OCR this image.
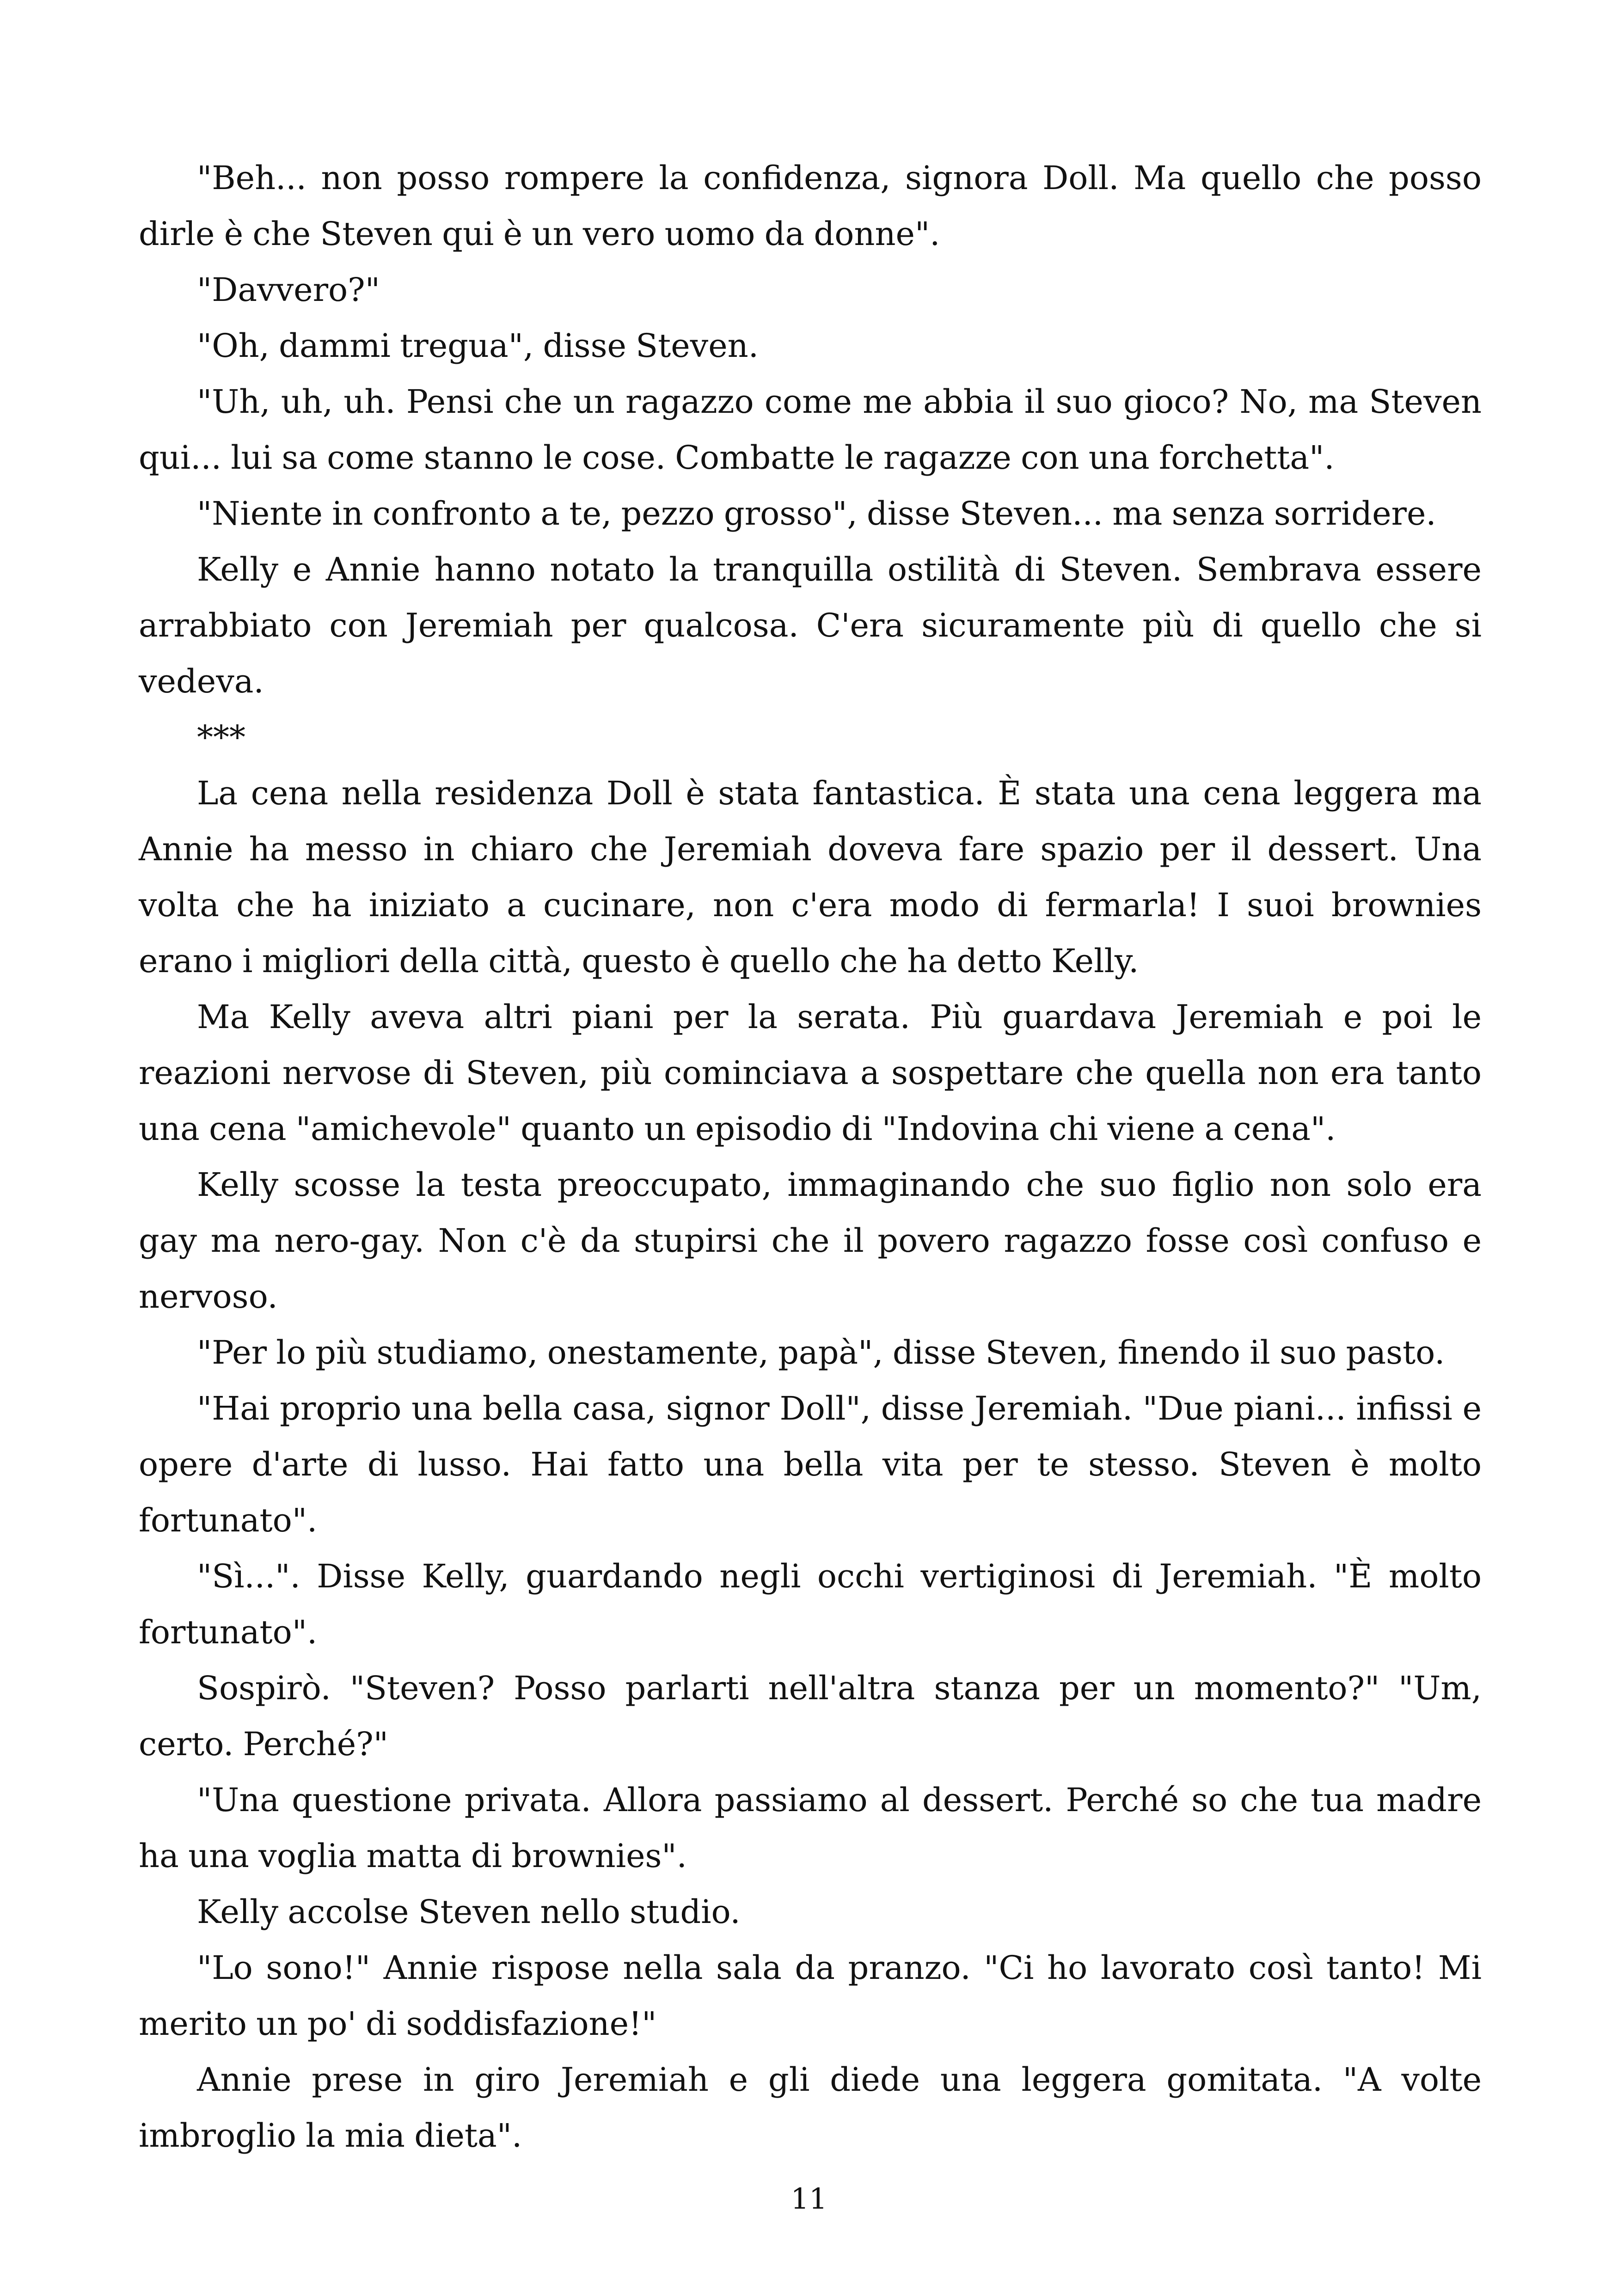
"Beh... non posso rompere la confidenza, signora Doll. Ma quello che posso dirle è che Steven qui è un vero uomo da donne".

"Davvero?"

"Oh, dammi tregua", disse Steven.

"Uh, uh, uh. Pensi che un ragazzo come me abbia il suo gioco? No, ma Steven qui... lui sa come stanno le cose. Combatte le ragazze con una forchetta".

"Niente in confronto a te, pezzo grosso", disse Steven... ma senza sorridere.

Kelly e Annie hanno notato la tranquilla ostilità di Steven. Sembrava essere arrabbiato con Jeremiah per qualcosa. C'era sicuramente più di quello che si vedeva.

***

La cena nella residenza Doll è stata fantastica. È stata una cena leggera ma Annie ha messo in chiaro che Jeremiah doveva fare spazio per il dessert. Una volta che ha iniziato a cucinare, non c'era modo di fermarla! I suoi brownies erano i migliori della città, questo è quello che ha detto Kelly.

Ma Kelly aveva altri piani per la serata. Più guardava Jeremiah e poi le reazioni nervose di Steven, più cominciava a sospettare che quella non era tanto una cena "amichevole" quanto un episodio di "Indovina chi viene a cena".

Kelly scosse la testa preoccupato, immaginando che suo figlio non solo era gay ma nero-gay. Non c'è da stupirsi che il povero ragazzo fosse così confuso e nervoso.

"Per lo più studiamo, onestamente, papà", disse Steven, finendo il suo pasto.

"Hai proprio una bella casa, signor Doll", disse Jeremiah. "Due piani... infissi e opere d'arte di lusso. Hai fatto una bella vita per te stesso. Steven è molto fortunato".

"Sì...". Disse Kelly, guardando negli occhi vertiginosi di Jeremiah. "È molto fortunato".

Sospirò. "Steven? Posso parlarti nell'altra stanza per un momento?" "Um, certo. Perché?"

"Una questione privata. Allora passiamo al dessert. Perché so che tua madre ha una voglia matta di brownies".

Kelly accolse Steven nello studio.

"Lo sono!" Annie rispose nella sala da pranzo. "Ci ho lavorato così tanto! Mi merito un po' di soddisfazione!"

Annie prese in giro Jeremiah e gli diede una leggera gomitata. "A volte imbroglio la mia dieta".

11
